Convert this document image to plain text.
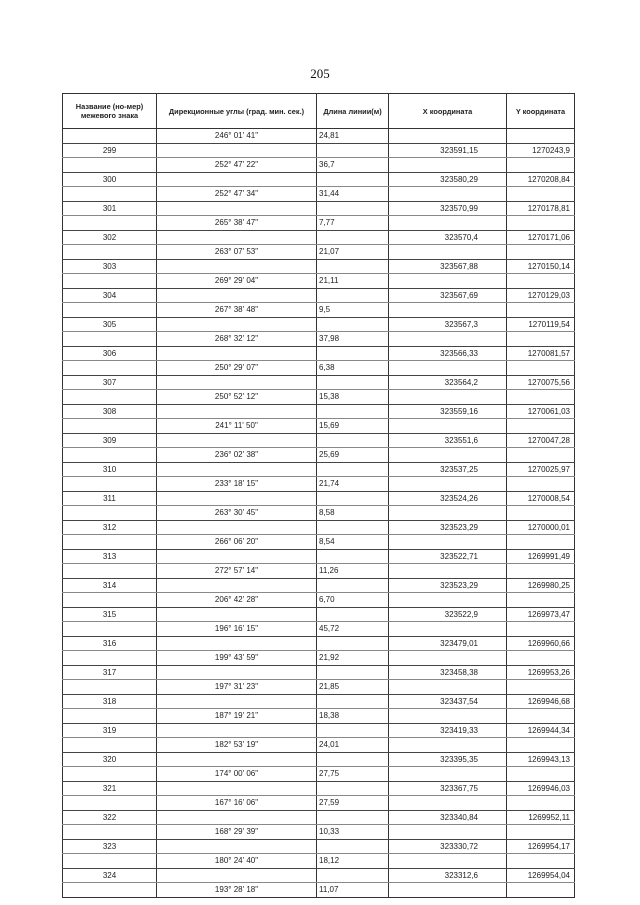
205
Название (но-мер) межевого знака	Дирекционные углы (град. мин. сек.)	Длина линии(м)	X координата	Y координата
	246° 01' 41"	24,81		
299			323591,15	1270243,9
	252° 47' 22"	36,7		
300			323580,29	1270208,84
	252° 47' 34"	31,44		
301			323570,99	1270178,81
	265° 38' 47"	7,77		
302			323570,4	1270171,06
	263° 07' 53"	21,07		
303			323567,88	1270150,14
	269° 29' 04"	21,11		
304			323567,69	1270129,03
	267° 38' 48"	9,5		
305			323567,3	1270119,54
	268° 32' 12"	37,98		
306			323566,33	1270081,57
	250° 29' 07"	6,38		
307			323564,2	1270075,56
	250° 52' 12"	15,38		
308			323559,16	1270061,03
	241° 11' 50"	15,69		
309			323551,6	1270047,28
	236° 02' 38"	25,69		
310			323537,25	1270025,97
	233° 18' 15"	21,74		
311			323524,26	1270008,54
	263° 30' 45"	8,58		
312			323523,29	1270000,01
	266° 06' 20"	8,54		
313			323522,71	1269991,49
	272° 57' 14"	11,26		
314			323523,29	1269980,25
	206° 42' 28"	6,70		
315			323522,9	1269973,47
	196° 16' 15"	45,72		
316			323479,01	1269960,66
	199° 43' 59"	21,92		
317			323458,38	1269953,26
	197° 31' 23"	21,85		
318			323437,54	1269946,68
	187° 19' 21"	18,38		
319			323419,33	1269944,34
	182° 53' 19"	24,01		
320			323395,35	1269943,13
	174° 00' 06"	27,75		
321			323367,75	1269946,03
	167° 16' 06"	27,59		
322			323340,84	1269952,11
	168° 29' 39"	10,33		
323			323330,72	1269954,17
	180° 24' 40"	18,12		
324			323312,6	1269954,04
	193° 28' 18"	11,07		
